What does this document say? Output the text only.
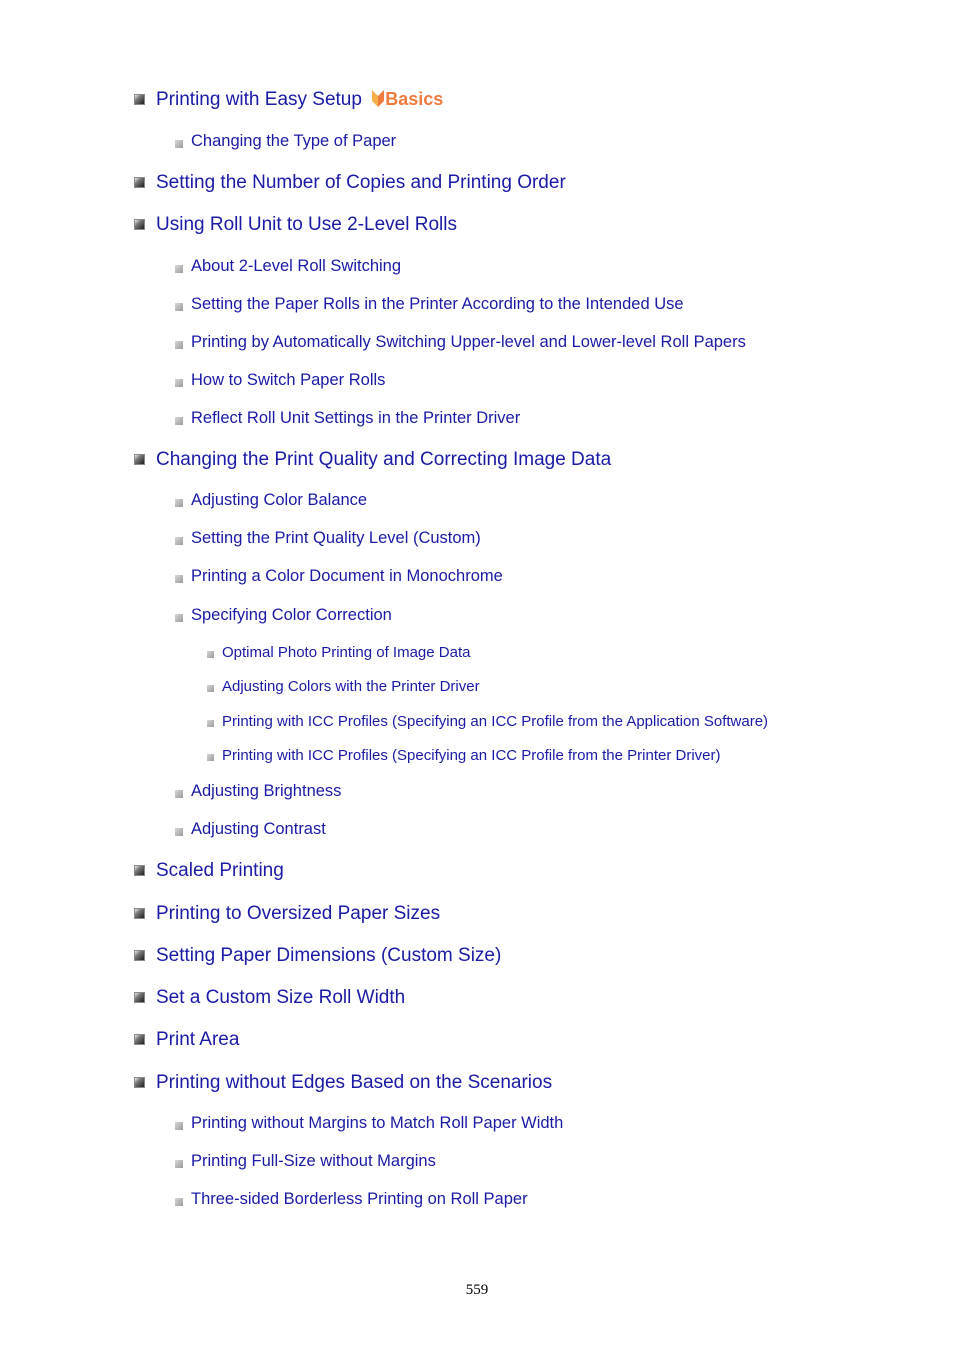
Printing with Easy Setup Basics
Changing the Type of Paper
Setting the Number of Copies and Printing Order
Using Roll Unit to Use 2-Level Rolls
About 2-Level Roll Switching
Setting the Paper Rolls in the Printer According to the Intended Use
Printing by Automatically Switching Upper-level and Lower-level Roll Papers
How to Switch Paper Rolls
Reflect Roll Unit Settings in the Printer Driver
Changing the Print Quality and Correcting Image Data
Adjusting Color Balance
Setting the Print Quality Level (Custom)
Printing a Color Document in Monochrome
Specifying Color Correction
Optimal Photo Printing of Image Data
Adjusting Colors with the Printer Driver
Printing with ICC Profiles (Specifying an ICC Profile from the Application Software)
Printing with ICC Profiles (Specifying an ICC Profile from the Printer Driver)
Adjusting Brightness
Adjusting Contrast
Scaled Printing
Printing to Oversized Paper Sizes
Setting Paper Dimensions (Custom Size)
Set a Custom Size Roll Width
Print Area
Printing without Edges Based on the Scenarios
Printing without Margins to Match Roll Paper Width
Printing Full-Size without Margins
Three-sided Borderless Printing on Roll Paper
559
